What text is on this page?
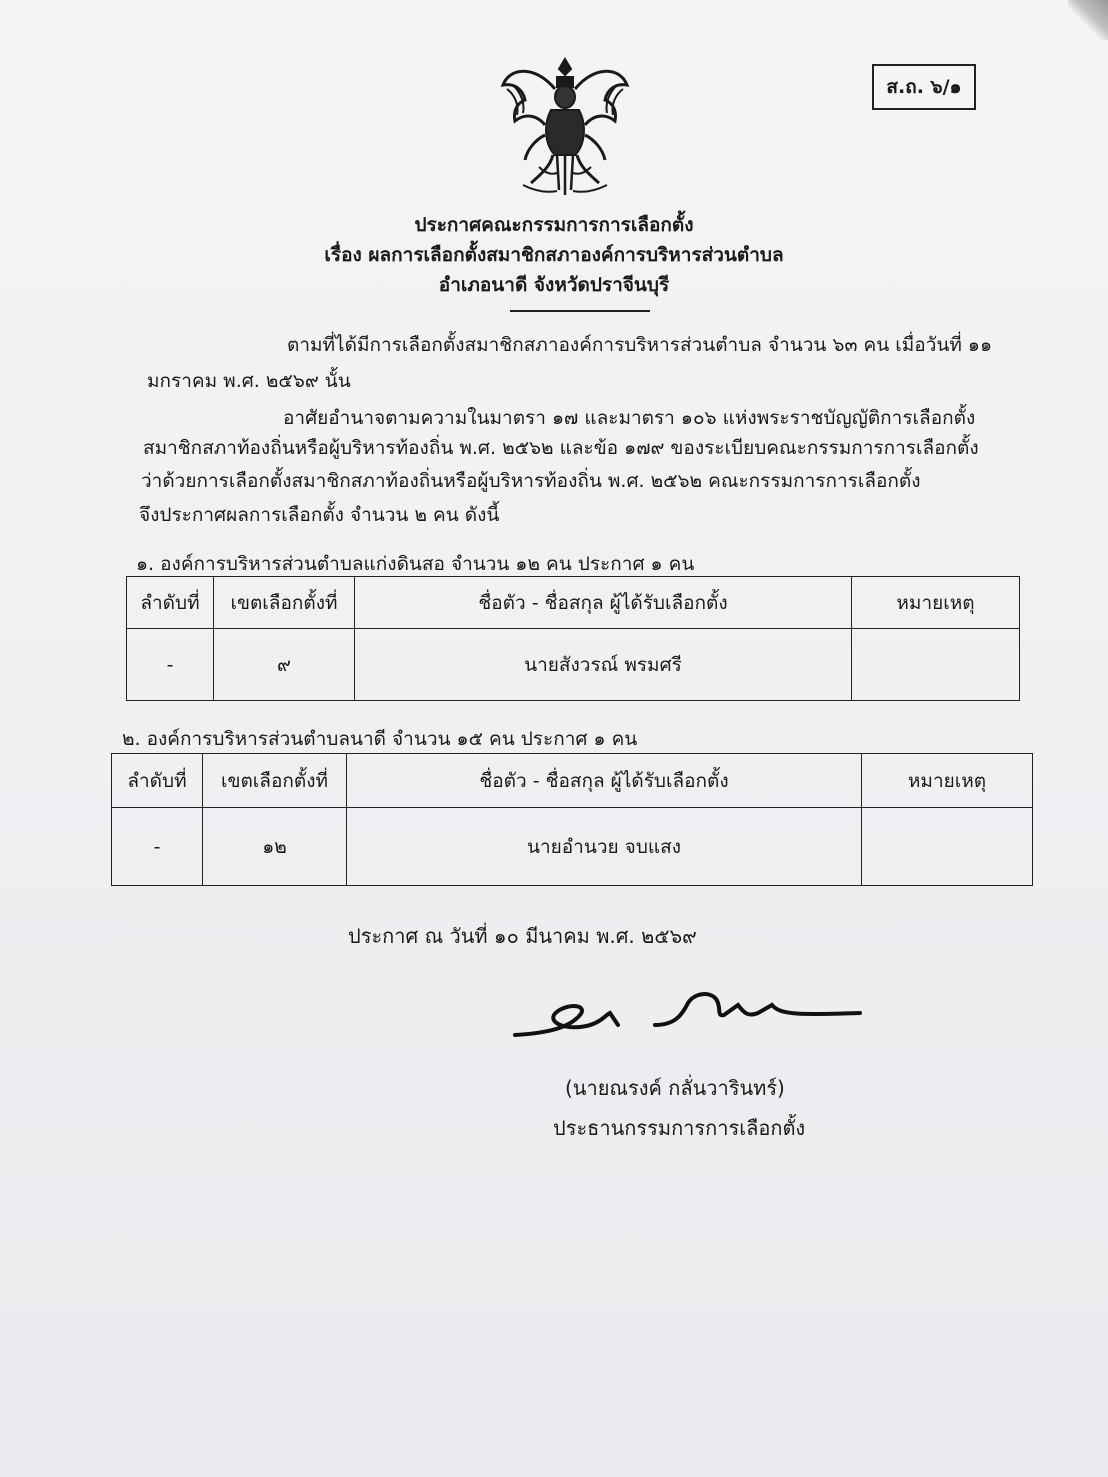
ส.ถ. ๖/๑
ประกาศคณะกรรมการการเลือกตั้ง
เรื่อง ผลการเลือกตั้งสมาชิกสภาองค์การบริหารส่วนตำบล
อำเภอนาดี จังหวัดปราจีนบุรี
ตามที่ได้มีการเลือกตั้งสมาชิกสภาองค์การบริหารส่วนตำบล จำนวน ๖๓ คน เมื่อวันที่ ๑๑
มกราคม พ.ศ. ๒๕๖๙ นั้น
อาศัยอำนาจตามความในมาตรา ๑๗ และมาตรา ๑๐๖ แห่งพระราชบัญญัติการเลือกตั้ง
สมาชิกสภาท้องถิ่นหรือผู้บริหารท้องถิ่น พ.ศ. ๒๕๖๒ และข้อ ๑๗๙ ของระเบียบคณะกรรมการการเลือกตั้ง
ว่าด้วยการเลือกตั้งสมาชิกสภาท้องถิ่นหรือผู้บริหารท้องถิ่น พ.ศ. ๒๕๖๒ คณะกรรมการการเลือกตั้ง
จึงประกาศผลการเลือกตั้ง จำนวน ๒ คน ดังนี้
๑. องค์การบริหารส่วนตำบลแก่งดินสอ จำนวน ๑๒ คน ประกาศ ๑ คน
ลำดับที่	เขตเลือกตั้งที่	ชื่อตัว - ชื่อสกุล ผู้ได้รับเลือกตั้ง	หมายเหตุ
-	๙	นายสังวรณ์ พรมศรี	
๒. องค์การบริหารส่วนตำบลนาดี จำนวน ๑๕ คน ประกาศ ๑ คน
ลำดับที่	เขตเลือกตั้งที่	ชื่อตัว - ชื่อสกุล ผู้ได้รับเลือกตั้ง	หมายเหตุ
-	๑๒	นายอำนวย จบแสง	
ประกาศ ณ วันที่ ๑๐ มีนาคม พ.ศ. ๒๕๖๙
(นายณรงค์ กลั่นวารินทร์)
ประธานกรรมการการเลือกตั้ง
